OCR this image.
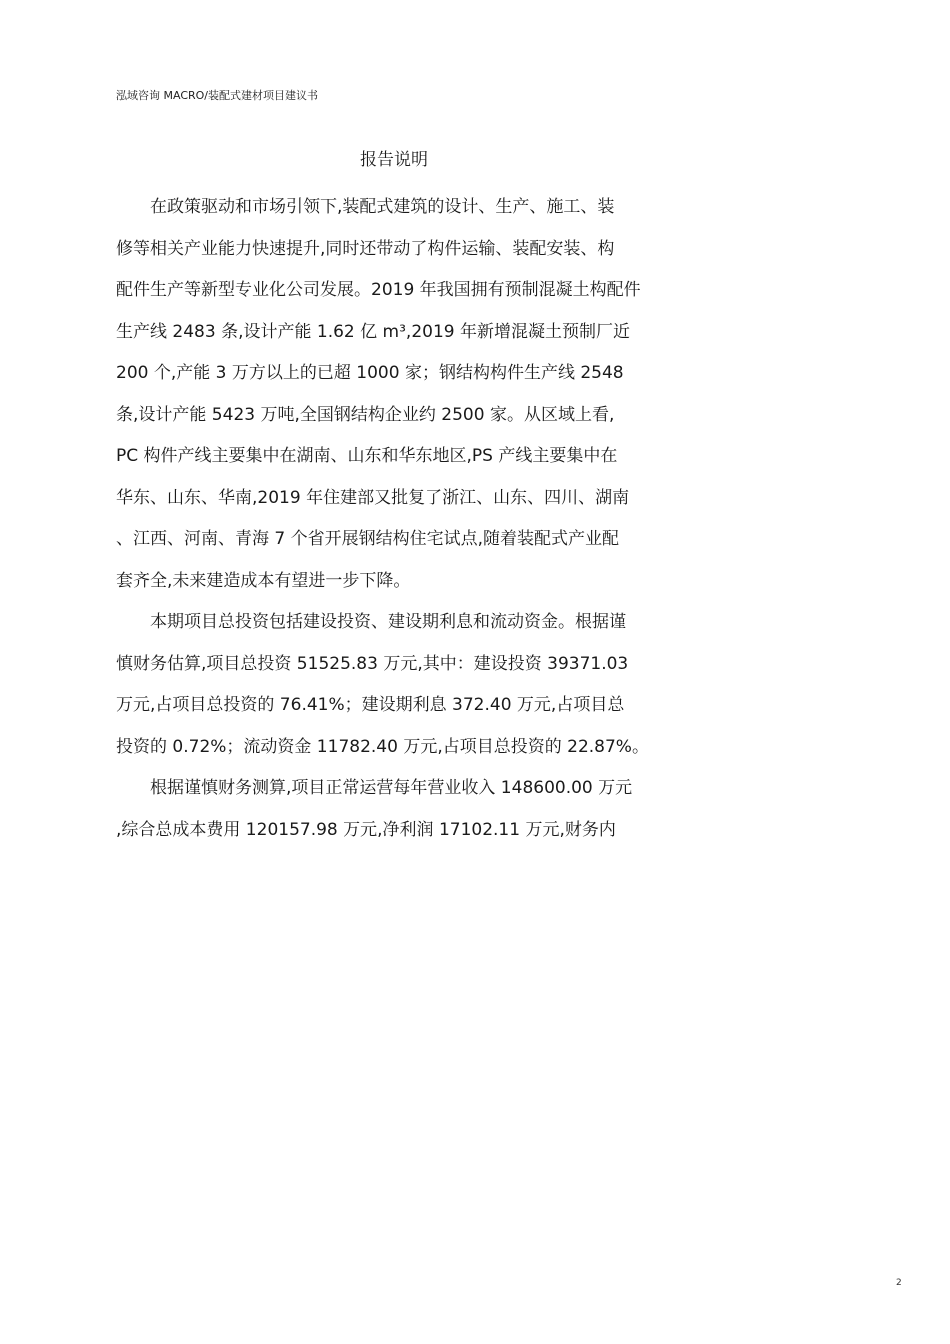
泓域咨询 MACRO/装配式建材项目建议书
报告说明
在政策驱动和市场引领下,装配式建筑的设计、生产、施工、装
修等相关产业能力快速提升,同时还带动了构件运输、装配安装、构
配件生产等新型专业化公司发展。2019 年我国拥有预制混凝土构配件
生产线 2483 条,设计产能 1.62 亿 m³,2019 年新增混凝土预制厂近
200 个,产能 3 万方以上的已超 1000 家；钢结构构件生产线 2548
条,设计产能 5423 万吨,全国钢结构企业约 2500 家。从区域上看,
PC 构件产线主要集中在湖南、山东和华东地区,PS 产线主要集中在
华东、山东、华南,2019 年住建部又批复了浙江、山东、四川、湖南
、江西、河南、青海 7 个省开展钢结构住宅试点,随着装配式产业配
套齐全,未来建造成本有望进一步下降。
本期项目总投资包括建设投资、建设期利息和流动资金。根据谨
慎财务估算,项目总投资 51525.83 万元,其中：建设投资 39371.03
万元,占项目总投资的 76.41%；建设期利息 372.40 万元,占项目总
投资的 0.72%；流动资金 11782.40 万元,占项目总投资的 22.87%。
根据谨慎财务测算,项目正常运营每年营业收入 148600.00 万元
,综合总成本费用 120157.98 万元,净利润 17102.11 万元,财务内
2
